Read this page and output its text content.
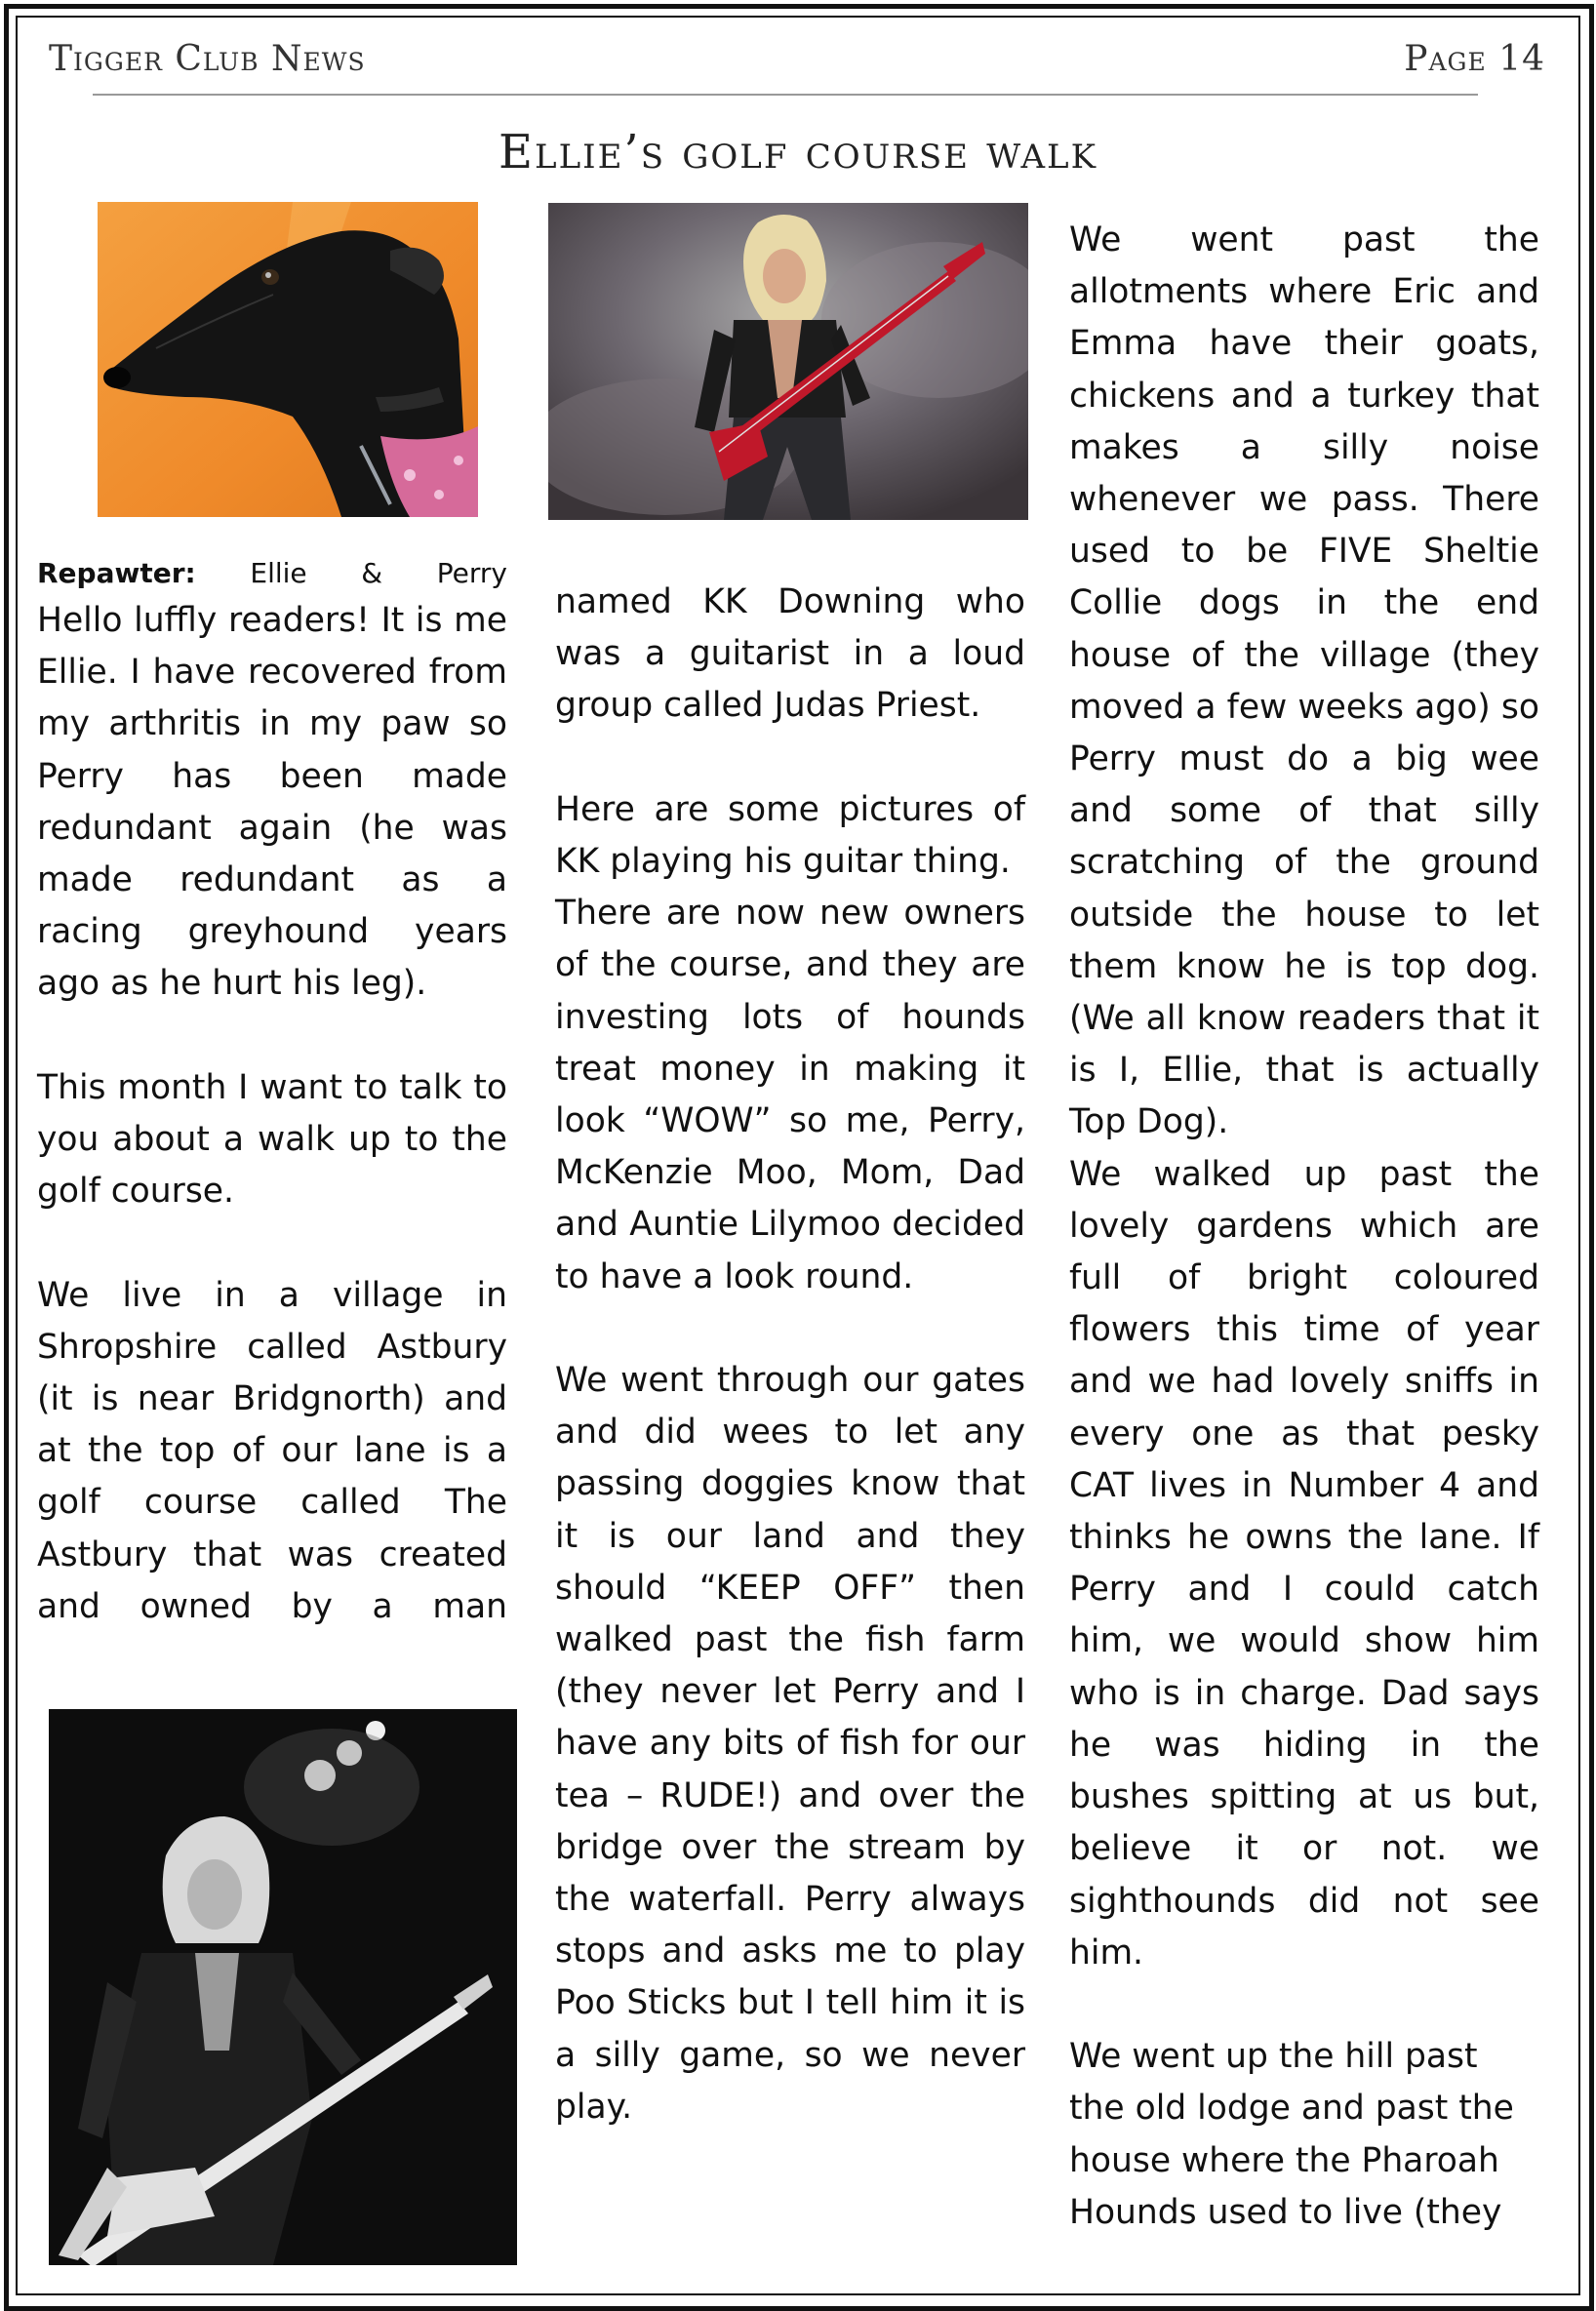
Tigger Club News	Page 14
Ellie’s golf course walk

Repawter: Ellie & Perry

Hello luffly readers! It is me Ellie. I have recovered from my arthritis in my paw so Perry has been made redundant again (he was made redundant as a racing greyhound years ago as he hurt his leg).

This month I want to talk to you about a walk up to the golf course.

We live in a village in Shropshire called Astbury (it is near Bridgnorth) and at the top of our lane is a golf course called The Astbury that was created and owned by a man

named KK Downing who was a guitarist in a loud group called Judas Priest.

Here are some pictures of KK playing his guitar thing.

There are now new owners of the course, and they are investing lots of hounds treat money in making it look “WOW” so me, Perry, McKenzie Moo, Mom, Dad and Auntie Lilymoo decided to have a look round.

We went through our gates and did wees to let any passing doggies know that it is our land and they should “KEEP OFF” then walked past the fish farm (they never let Perry and I have any bits of fish for our tea – RUDE!) and over the bridge over the stream by the waterfall. Perry always stops and asks me to play Poo Sticks but I tell him it is a silly game, so we never play.

We went past the allotments where Eric and Emma have their goats, chickens and a turkey that makes a silly noise whenever we pass. There used to be FIVE Sheltie Collie dogs in the end house of the village (they moved a few weeks ago) so Perry must do a big wee and some of that silly scratching of the ground outside the house to let them know he is top dog. (We all know readers that it is I, Ellie, that is actually Top Dog).

We walked up past the lovely gardens which are full of bright coloured flowers this time of year and we had lovely sniffs in every one as that pesky CAT lives in Number 4 and thinks he owns the lane. If Perry and I could catch him, we would show him who is in charge. Dad says he was hiding in the bushes spitting at us but, believe it or not. we sighthounds did not see him.

We went up the hill past the old lodge and past the house where the Pharoah Hounds used to live (they
